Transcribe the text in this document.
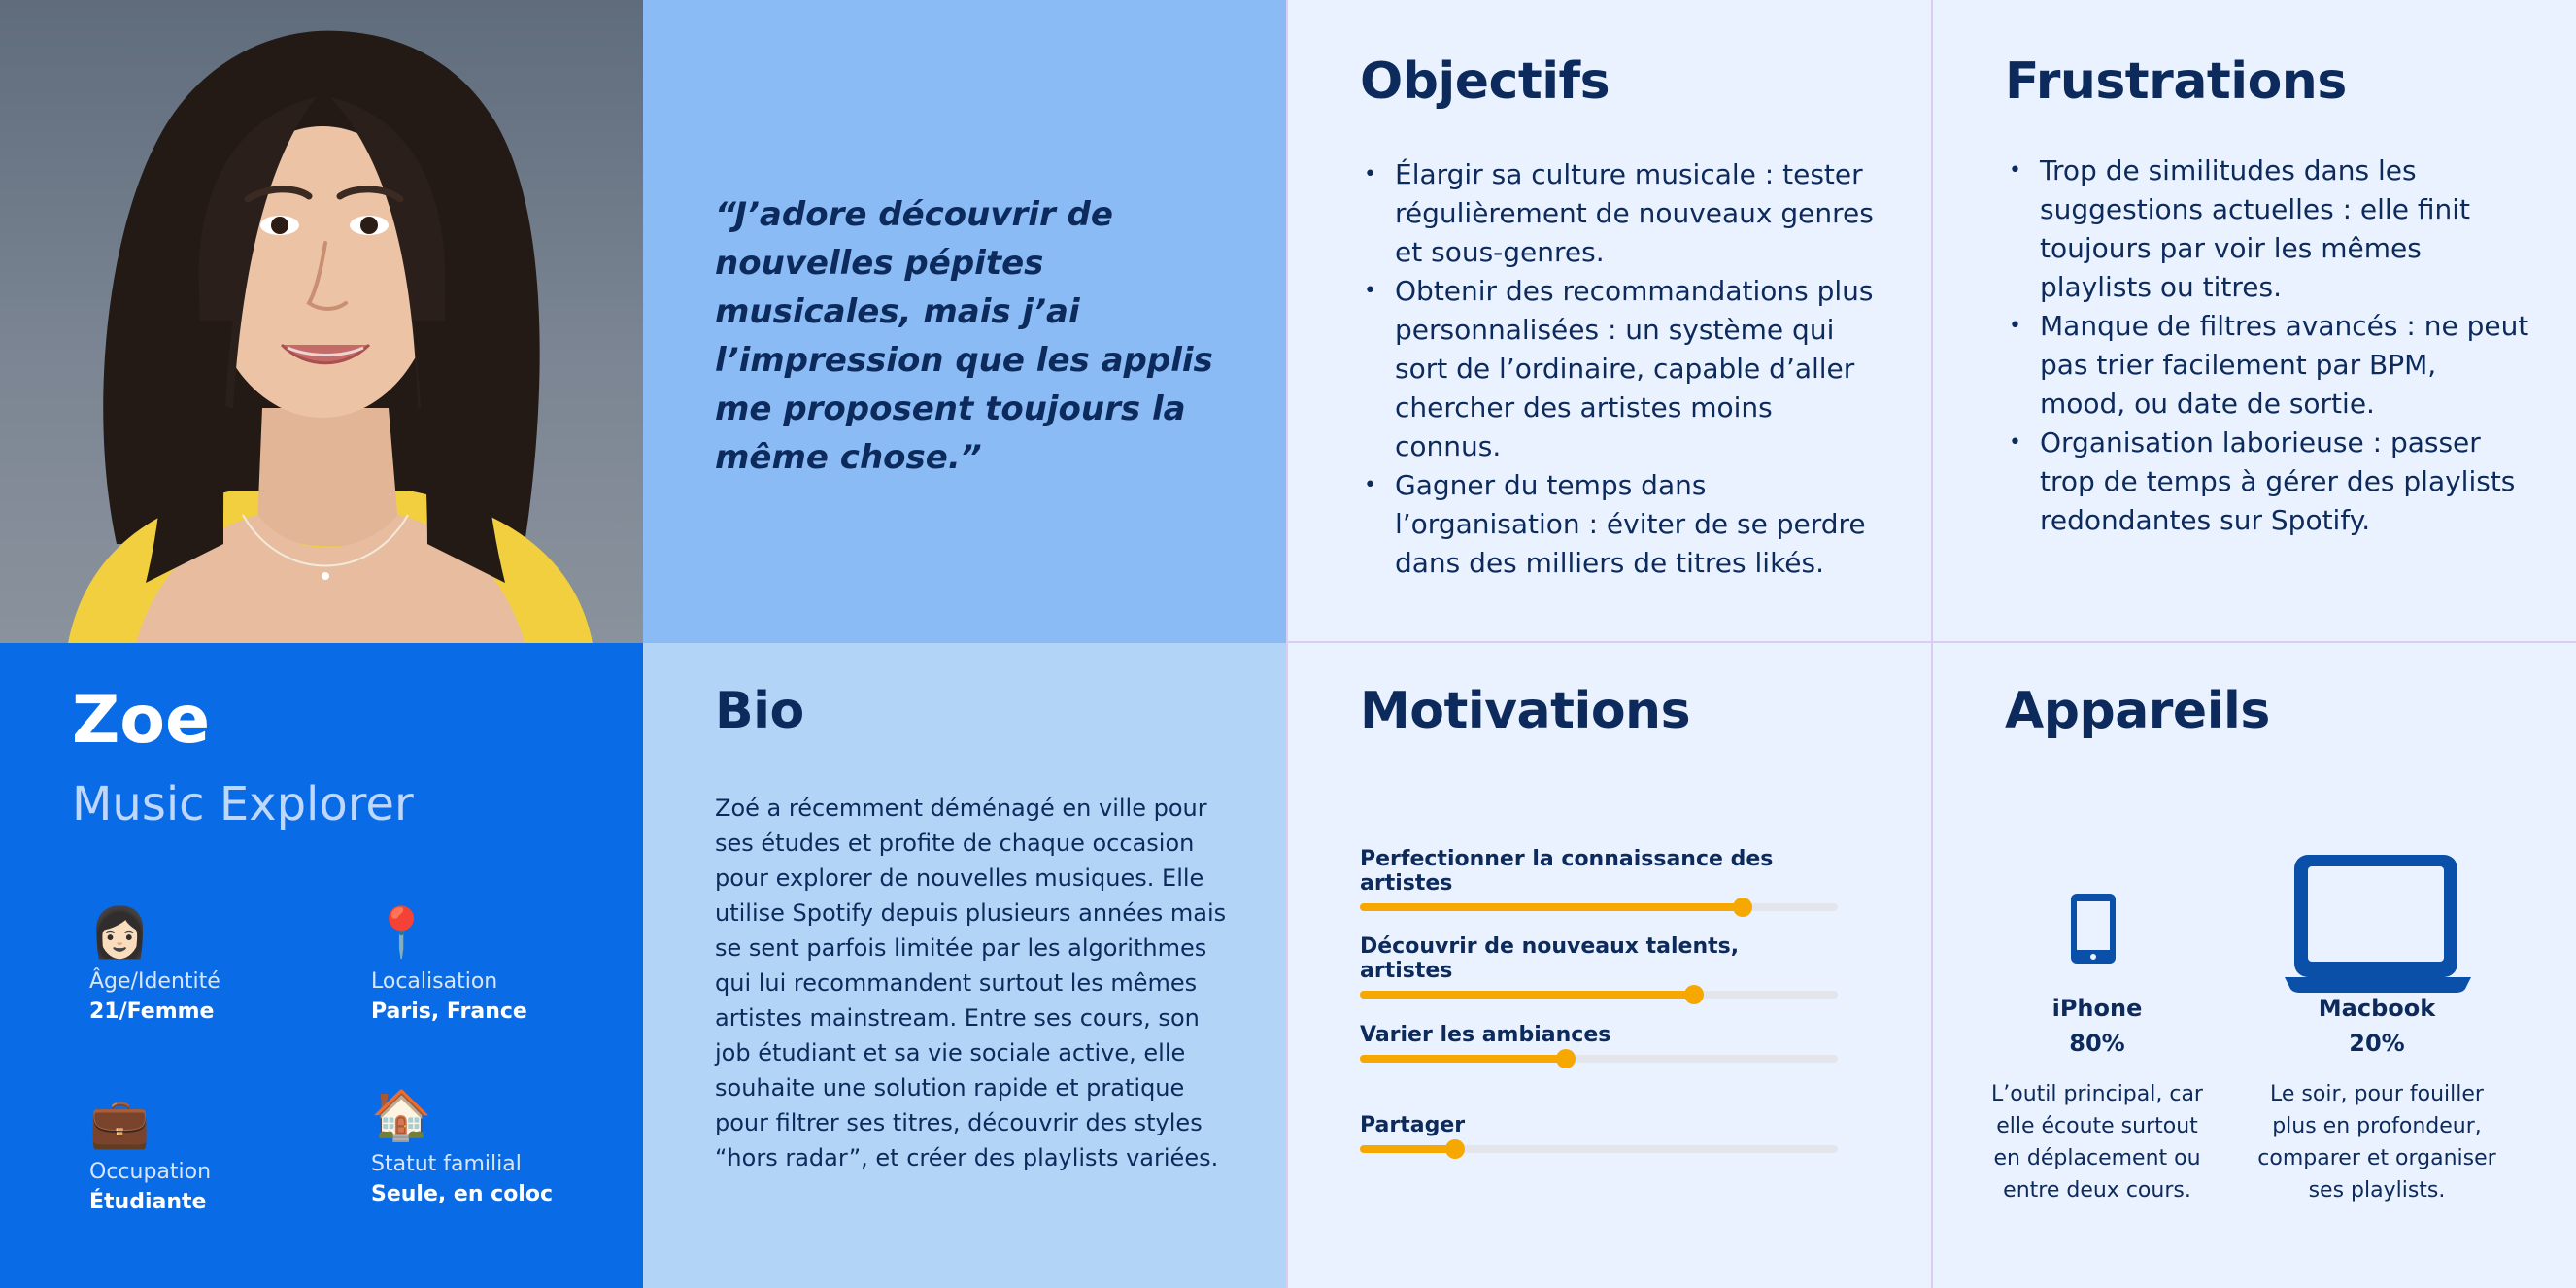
“J’adore découvrir de nouvelles pépites musicales, mais j’ai l’impression que les applis me proposent toujours la même chose.”

Objectifs
• Élargir sa culture musicale : tester régulièrement de nouveaux genres et sous-genres.
• Obtenir des recommandations plus personnalisées : un système qui sort de l’ordinaire, capable d’aller chercher des artistes moins connus.
• Gagner du temps dans l’organisation : éviter de se perdre dans des milliers de titres likés.
Frustrations
• Trop de similitudes dans les suggestions actuelles : elle finit toujours par voir les mêmes playlists ou titres.
• Manque de filtres avancés : ne peut pas trier facilement par BPM, mood, ou date de sortie.
• Organisation laborieuse : passer trop de temps à gérer des playlists redondantes sur Spotify.
Zoe
Music Explorer
👩🏻
Âge/Identité
21/Femme
📍
Localisation
Paris, France
💼
Occupation
Étudiante
🏠
Statut familial
Seule, en coloc
Bio

Zoé a récemment déménagé en ville pour ses études et profite de chaque occasion pour explorer de nouvelles musiques. Elle utilise Spotify depuis plusieurs années mais se sent parfois limitée par les algorithmes qui lui recommandent surtout les mêmes artistes mainstream. Entre ses cours, son job étudiant et sa vie sociale active, elle souhaite une solution rapide et pratique pour filtrer ses titres, découvrir des styles “hors radar”, et créer des playlists variées.

Motivations
Perfectionner la connaissance des artistes
Découvrir de nouveaux talents, artistes
Varier les ambiances
Partager
Appareils
iPhone
80%
L’outil principal, car elle écoute surtout en déplacement ou entre deux cours.
Macbook
20%
Le soir, pour fouiller plus en profondeur, comparer et organiser ses playlists.
